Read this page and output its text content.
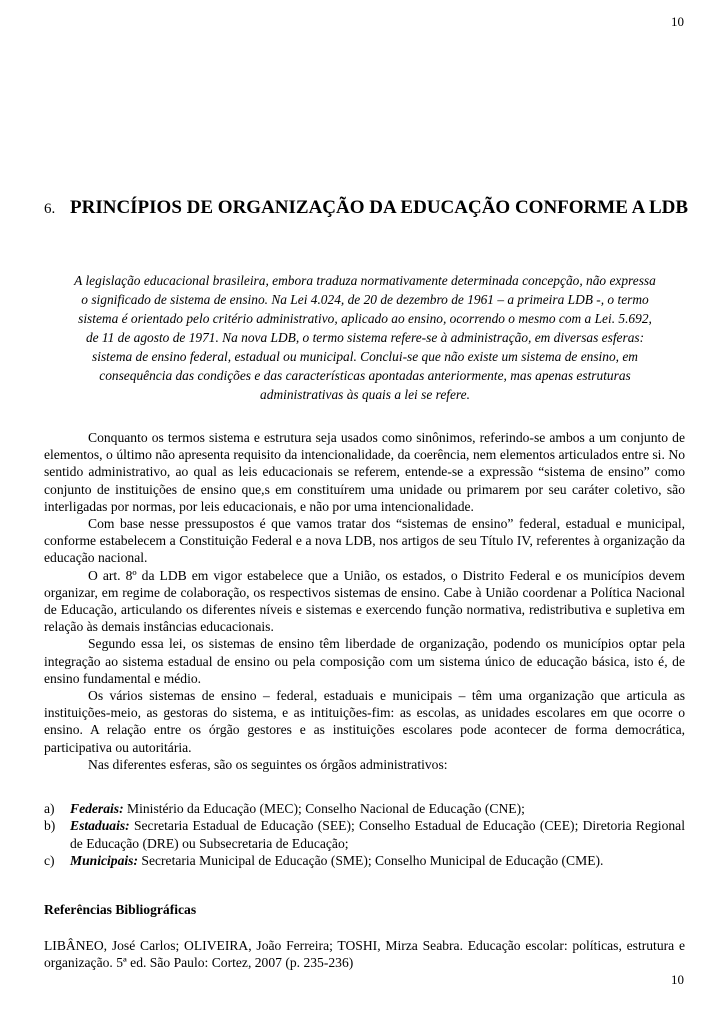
10
6. PRINCÍPIOS DE ORGANIZAÇÃO DA EDUCAÇÃO CONFORME A LDB
A legislação educacional brasileira, embora traduza normativamente determinada concepção, não expressa
o significado de sistema de ensino. Na Lei 4.024, de 20 de dezembro de 1961 – a primeira LDB -, o termo
sistema é orientado pelo critério administrativo, aplicado ao ensino, ocorrendo o mesmo com a Lei. 5.692,
de 11 de agosto de 1971. Na nova LDB, o termo sistema refere-se à administração, em diversas esferas:
sistema de ensino federal, estadual ou municipal. Conclui-se que não existe um sistema de ensino, em
consequência das condições e das características apontadas anteriormente, mas apenas estruturas
administrativas às quais a lei se refere.

Conquanto os termos sistema e estrutura seja usados como sinônimos, referindo-se ambos a um conjunto de elementos, o último não apresenta requisito da intencionalidade, da coerência, nem elementos articulados entre si. No sentido administrativo, ao qual as leis educacionais se referem, entende-se a expressão “sistema de ensino” como conjunto de instituições de ensino que,s em constituírem uma unidade ou primarem por seu caráter coletivo, são interligadas por normas, por leis educacionais, e não por uma intencionalidade.

Com base nesse pressupostos é que vamos tratar dos “sistemas de ensino” federal, estadual e municipal, conforme estabelecem a Constituição Federal e a nova LDB, nos artigos de seu Título IV, referentes à organização da educação nacional.

O art. 8º da LDB em vigor estabelece que a União, os estados, o Distrito Federal e os municípios devem organizar, em regime de colaboração, os respectivos sistemas de ensino. Cabe à União coordenar a Política Nacional de Educação, articulando os diferentes níveis e sistemas e exercendo função normativa, redistributiva e supletiva em relação às demais instâncias educacionais.

Segundo essa lei, os sistemas de ensino têm liberdade de organização, podendo os municípios optar pela integração ao sistema estadual de ensino ou pela composição com um sistema único de educação básica, isto é, de ensino fundamental e médio.

Os vários sistemas de ensino – federal, estaduais e municipais – têm uma organização que articula as instituições-meio, as gestoras do sistema, e as intituições-fim: as escolas, as unidades escolares em que ocorre o ensino. A relação entre os órgão gestores e as instituições escolares pode acontecer de forma democrática, participativa ou autoritária.

Nas diferentes esferas, são os seguintes os órgãos administrativos:

a)	Federais: Ministério da Educação (MEC); Conselho Nacional de Educação (CNE);
b)	Estaduais: Secretaria Estadual de Educação (SEE); Conselho Estadual de Educação (CEE); Diretoria Regional de Educação (DRE) ou Subsecretaria de Educação;
c)	Municipais: Secretaria Municipal de Educação (SME); Conselho Municipal de Educação (CME).
Referências Bibliográficas

LIBÂNEO, José Carlos; OLIVEIRA, João Ferreira; TOSHI, Mirza Seabra. Educação escolar: políticas, estrutura e organização. 5ª ed. São Paulo: Cortez, 2007 (p. 235-236)

10
